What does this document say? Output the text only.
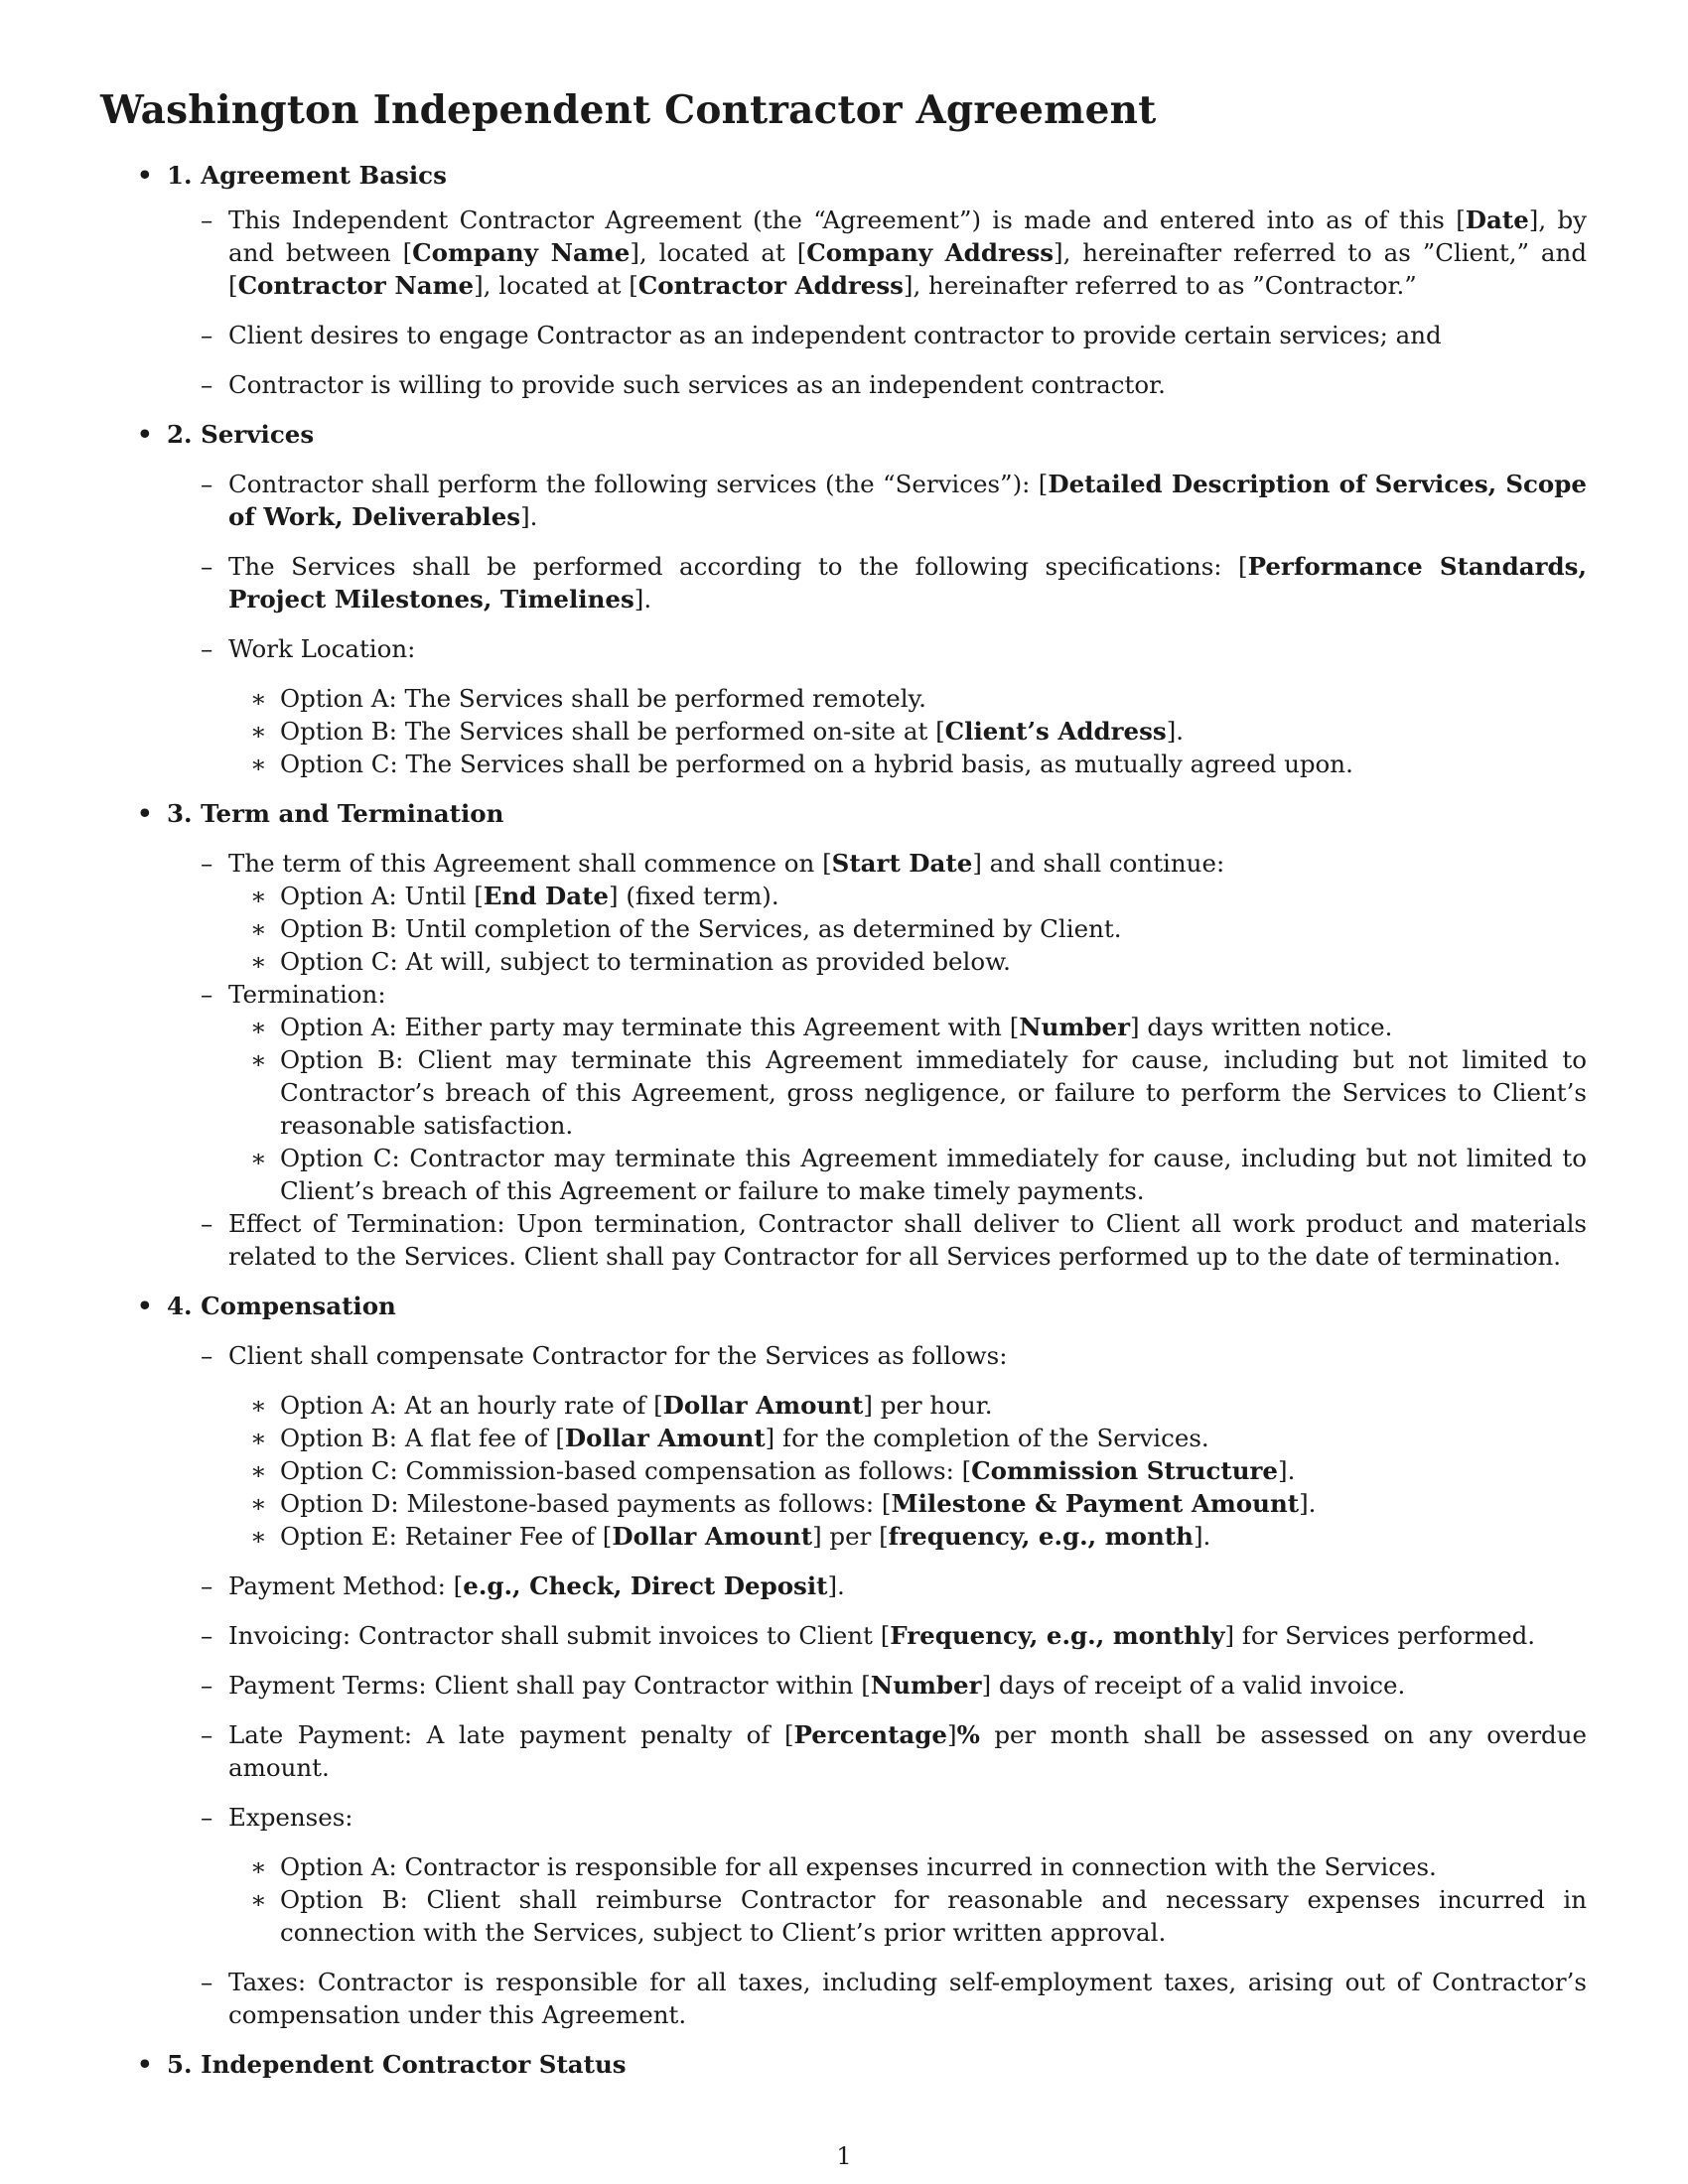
Washington Independent Contractor Agreement
• 1. Agreement Basics
– This Independent Contractor Agreement (the “Agreement”) is made and entered into as of this [Date], by and between [Company Name], located at [Company Address], hereinafter referred to as ”Client,” and [Contractor Name], located at [Contractor Address], hereinafter referred to as ”Contractor.”
– Client desires to engage Contractor as an independent contractor to provide certain services; and
– Contractor is willing to provide such services as an independent contractor.
• 2. Services
– Contractor shall perform the following services (the “Services”): [Detailed Description of Services, Scope of Work, Deliverables].
– The Services shall be performed according to the following specifications: [Performance Standards, Project Milestones, Timelines].
– Work Location:
∗ Option A: The Services shall be performed remotely.
∗ Option B: The Services shall be performed on-site at [Client’s Address].
∗ Option C: The Services shall be performed on a hybrid basis, as mutually agreed upon.
• 3. Term and Termination
– The term of this Agreement shall commence on [Start Date] and shall continue:
∗ Option A: Until [End Date] (fixed term).
∗ Option B: Until completion of the Services, as determined by Client.
∗ Option C: At will, subject to termination as provided below.
– Termination:
∗ Option A: Either party may terminate this Agreement with [Number] days written notice.
∗ Option B: Client may terminate this Agreement immediately for cause, including but not limited to Contractor’s breach of this Agreement, gross negligence, or failure to perform the Services to Client’s reasonable satisfaction.
∗ Option C: Contractor may terminate this Agreement immediately for cause, including but not limited to Client’s breach of this Agreement or failure to make timely payments.
– Effect of Termination: Upon termination, Contractor shall deliver to Client all work product and materials related to the Services. Client shall pay Contractor for all Services performed up to the date of termination.
• 4. Compensation
– Client shall compensate Contractor for the Services as follows:
∗ Option A: At an hourly rate of [Dollar Amount] per hour.
∗ Option B: A flat fee of [Dollar Amount] for the completion of the Services.
∗ Option C: Commission-based compensation as follows: [Commission Structure].
∗ Option D: Milestone-based payments as follows: [Milestone & Payment Amount].
∗ Option E: Retainer Fee of [Dollar Amount] per [frequency, e.g., month].
– Payment Method: [e.g., Check, Direct Deposit].
– Invoicing: Contractor shall submit invoices to Client [Frequency, e.g., monthly] for Services performed.
– Payment Terms: Client shall pay Contractor within [Number] days of receipt of a valid invoice.
– Late Payment: A late payment penalty of [Percentage]% per month shall be assessed on any overdue amount.
– Expenses:
∗ Option A: Contractor is responsible for all expenses incurred in connection with the Services.
∗ Option B: Client shall reimburse Contractor for reasonable and necessary expenses incurred in connection with the Services, subject to Client’s prior written approval.
– Taxes: Contractor is responsible for all taxes, including self-employment taxes, arising out of Contractor’s compensation under this Agreement.
• 5. Independent Contractor Status
1
